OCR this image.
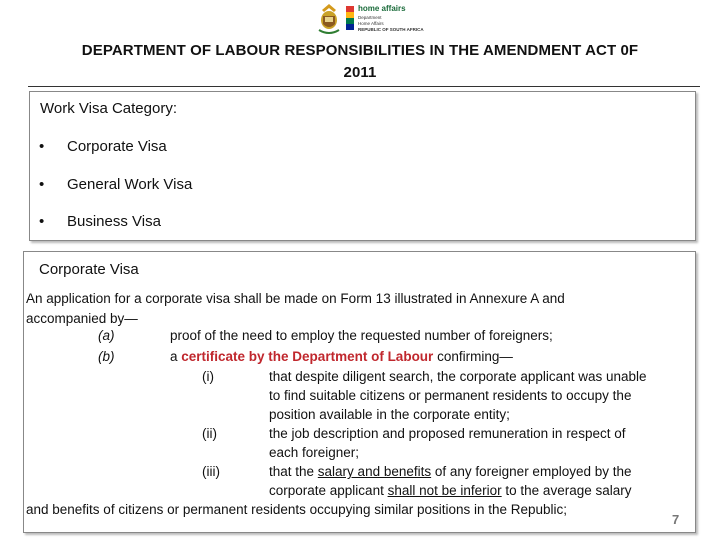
home affairs
Department
Home Affairs
REPUBLIC OF SOUTH AFRICA
DEPARTMENT OF LABOUR RESPONSIBILITIES IN THE AMENDMENT ACT 0F
2011
Work Visa Category:
• Corporate Visa
• General Work Visa
• Business Visa
Corporate Visa
An application for a corporate visa shall be made on Form 13 illustrated in Annexure A and
accompanied by—
(a)	proof of the need to employ the requested number of foreigners;
(b)	a certificate by the Department of Labour confirming—
(i)	that despite diligent search, the corporate applicant was unable
to find suitable citizens or permanent residents to occupy the
position available in the corporate entity;
(ii)	the job description and proposed remuneration in respect of
each foreigner;
(iii)	that the salary and benefits of any foreigner employed by the
corporate applicant shall not be inferior to the average salary
and benefits of citizens or permanent residents occupying similar positions in the Republic;
7
